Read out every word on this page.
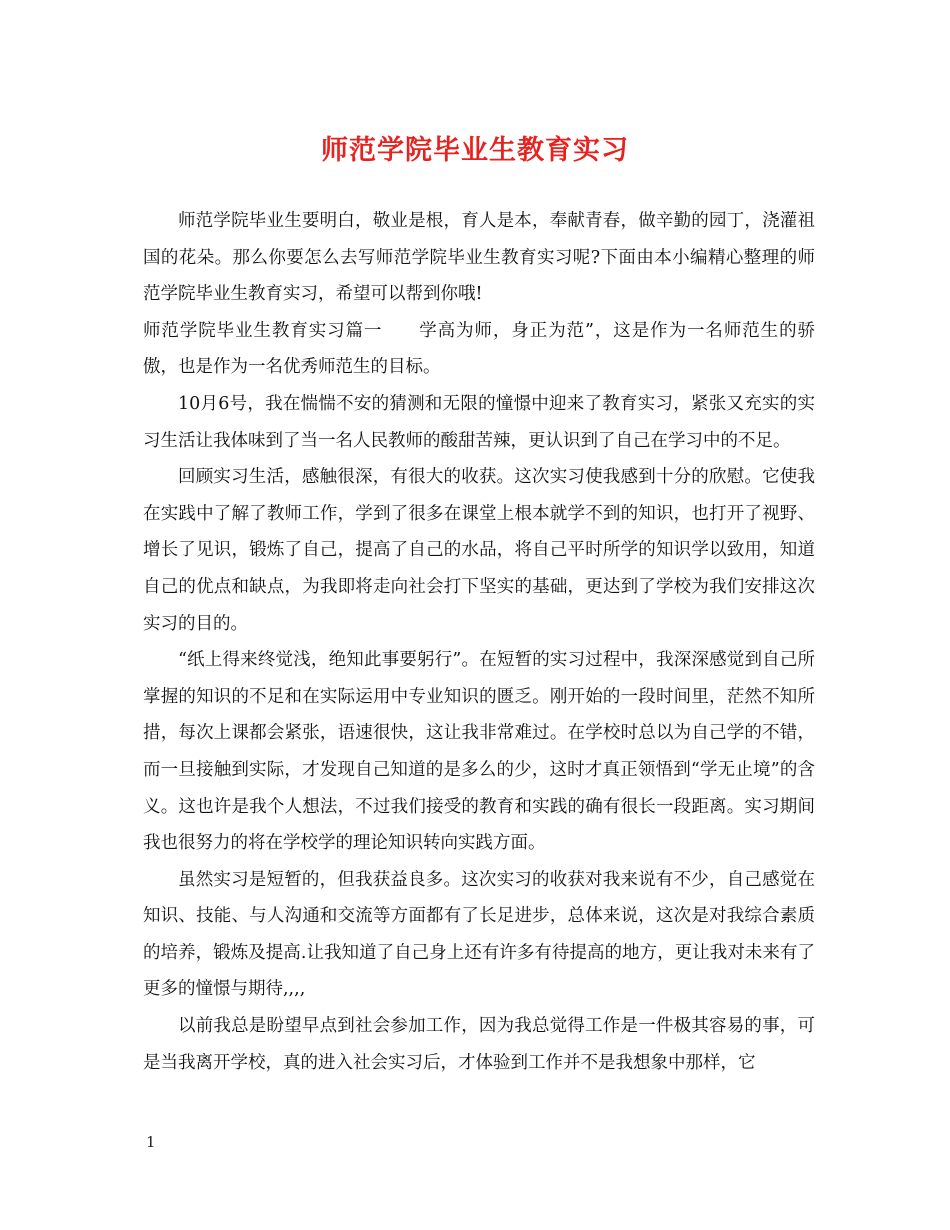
师范学院毕业生教育实习

师范学院毕业生要明白，敬业是根，育人是本，奉献青春，做辛勤的园丁，浇灌祖国的花朵。那么你要怎么去写师范学院毕业生教育实习呢?下面由本小编精心整理的师范学院毕业生教育实习，希望可以帮到你哦!

师范学院毕业生教育实习篇一　　学高为师，身正为范”，这是作为一名师范生的骄傲，也是作为一名优秀师范生的目标。

10月6号，我在惴惴不安的猜测和无限的憧憬中迎来了教育实习，紧张又充实的实习生活让我体味到了当一名人民教师的酸甜苦辣，更认识到了自己在学习中的不足。

回顾实习生活，感触很深，有很大的收获。这次实习使我感到十分的欣慰。它使我在实践中了解了教师工作，学到了很多在课堂上根本就学不到的知识，也打开了视野、增长了见识，锻炼了自己，提高了自己的水品，将自己平时所学的知识学以致用，知道自己的优点和缺点，为我即将走向社会打下坚实的基础，更达到了学校为我们安排这次实习的目的。

“纸上得来终觉浅，绝知此事要躬行”。在短暂的实习过程中，我深深感觉到自己所掌握的知识的不足和在实际运用中专业知识的匮乏。刚开始的一段时间里，茫然不知所措，每次上课都会紧张，语速很快，这让我非常难过。在学校时总以为自己学的不错，而一旦接触到实际，才发现自己知道的是多么的少，这时才真正领悟到“学无止境”的含义。这也许是我个人想法，不过我们接受的教育和实践的确有很长一段距离。实习期间我也很努力的将在学校学的理论知识转向实践方面。

虽然实习是短暂的，但我获益良多。这次实习的收获对我来说有不少，自己感觉在知识、技能、与人沟通和交流等方面都有了长足进步，总体来说，这次是对我综合素质的培养，锻炼及提高.让我知道了自己身上还有许多有待提高的地方，更让我对未来有了更多的憧憬与期待,,,,

以前我总是盼望早点到社会参加工作，因为我总觉得工作是一件极其容易的事，可是当我离开学校，真的进入社会实习后，才体验到工作并不是我想象中那样，它

1
